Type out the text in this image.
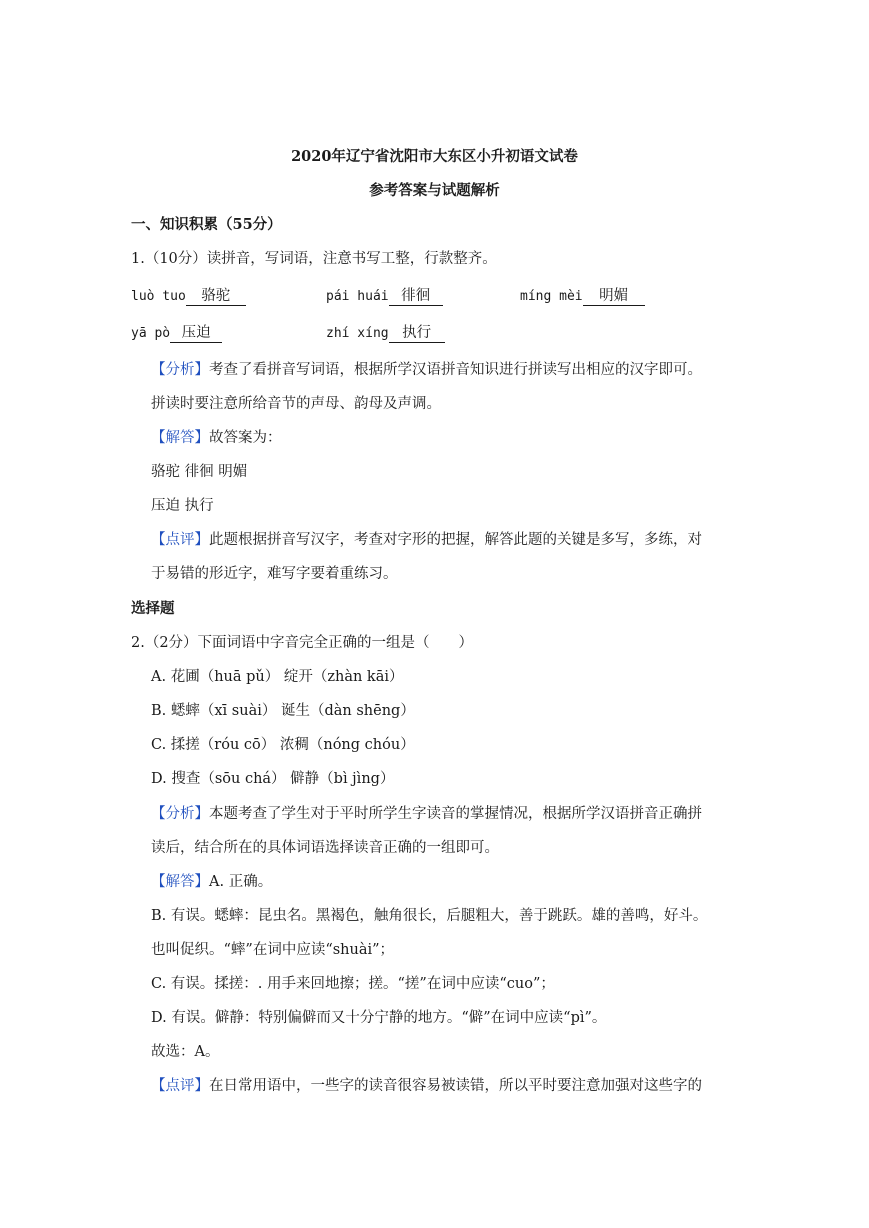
2020年辽宁省沈阳市大东区小升初语文试卷
参考答案与试题解析
一、知识积累（55分）
1.（10分）读拼音，写词语，注意书写工整，行款整齐。
luò tuo 骆驼	pái huái 徘徊	míng mèi 明媚
yā pò 压迫	zhí xíng 执行
【分析】考查了看拼音写词语，根据所学汉语拼音知识进行拼读写出相应的汉字即可。
拼读时要注意所给音节的声母、韵母及声调。
【解答】故答案为：
骆驼 徘徊 明媚
压迫 执行
【点评】此题根据拼音写汉字，考查对字形的把握，解答此题的关键是多写，多练，对
于易错的形近字，难写字要着重练习。
选择题
2.（2分）下面词语中字音完全正确的一组是（　　）
A. 花圃（huā pǔ） 绽开（zhàn kāi）
B. 蟋蟀（xī suài） 诞生（dàn shēng）
C. 揉搓（róu cō） 浓稠（nóng chóu）
D. 搜查（sōu chá） 僻静（bì jìng）
【分析】本题考查了学生对于平时所学生字读音的掌握情况，根据所学汉语拼音正确拼
读后，结合所在的具体词语选择读音正确的一组即可。
【解答】A. 正确。
B. 有误。蟋蟀：昆虫名。黑褐色，触角很长，后腿粗大，善于跳跃。雄的善鸣，好斗。
也叫促织。“蟀”在词中应读“shuài”；
C. 有误。揉搓：. 用手来回地擦；搓。“搓”在词中应读“cuo”；
D. 有误。僻静：特别偏僻而又十分宁静的地方。“僻”在词中应读“pì”。
故选：A。
【点评】在日常用语中，一些字的读音很容易被读错，所以平时要注意加强对这些字的
